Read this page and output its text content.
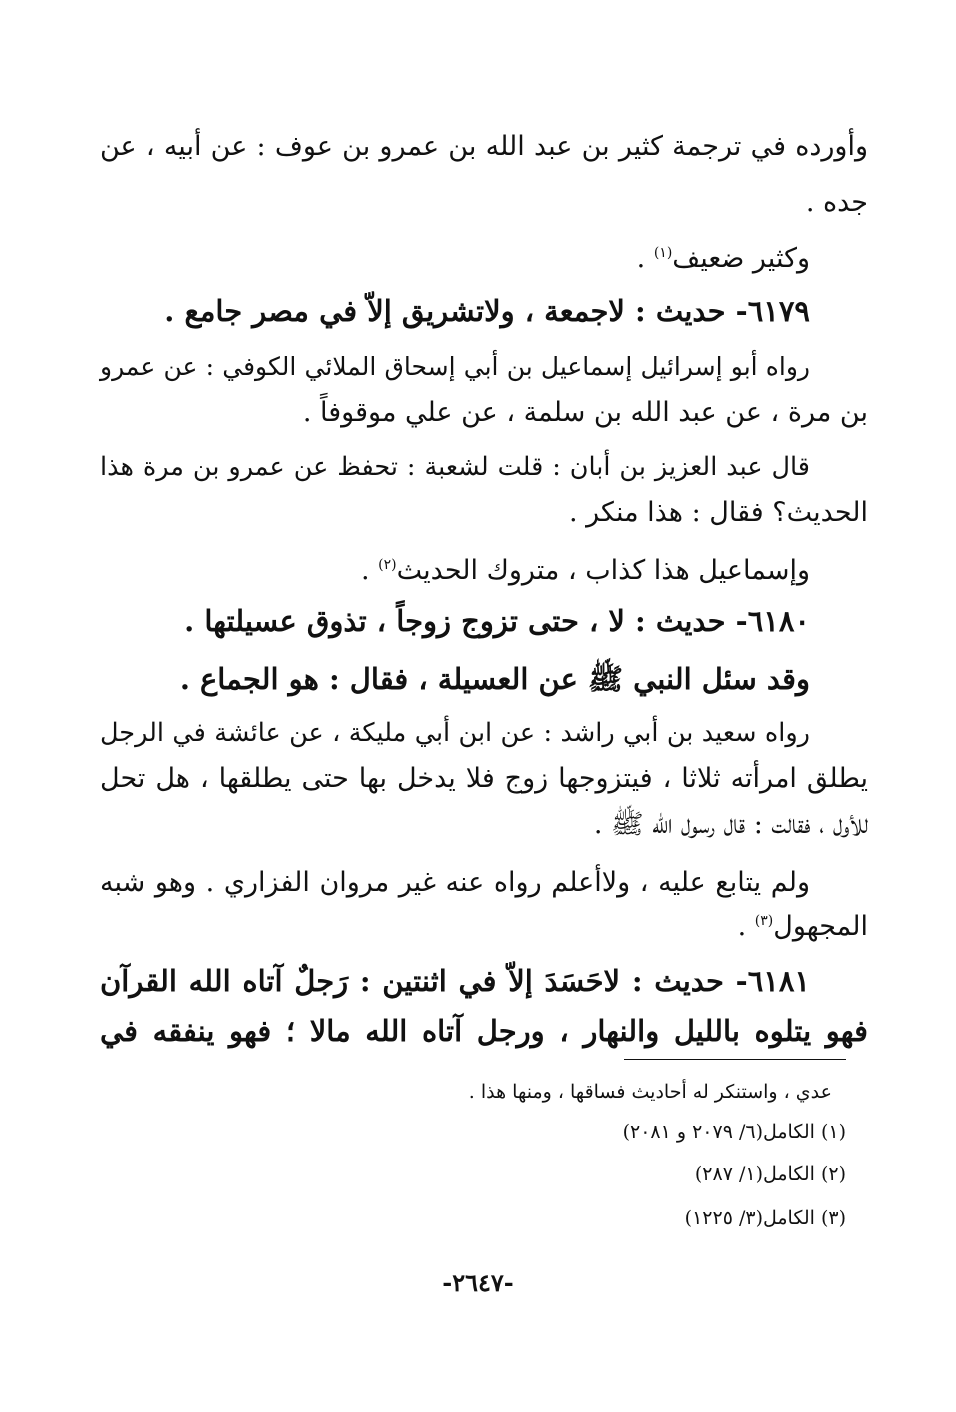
وأورده في ترجمة كثير بن عبد الله بن عمرو بن عوف : عن أبيه ، عن
جده .
وكثير ضعيف$^{(١)}$ .
٦١٧٩- حديث : لاجمعة ، ولاتشريق إلاّ في مصر جامع .
رواه أبو إسرائيل إسماعيل بن أبي إسحاق الملائي الكوفي : عن عمرو
بن مرة ، عن عبد الله بن سلمة ، عن علي موقوفاً .
قال عبد العزيز بن أبان : قلت لشعبة : تحفظ عن عمرو بن مرة هذا
الحديث؟ فقال : هذا منكر .
وإسماعيل هذا كذاب ، متروك الحديث$^{(٢)}$ .
٦١٨٠- حديث : لا ، حتى تزوج زوجاً ، تذوق عسيلتها .
وقد سئل النبي ﷺ عن العسيلة ، فقال : هو الجماع .
رواه سعيد بن أبي راشد : عن ابن أبي مليكة ، عن عائشة في الرجل
يطلق امرأته ثلاثا ، فيتزوجها زوج فلا يدخل بها حتى يطلقها ، هل تحل
للأول ، فقالت : قال رسول الله ﷺ .
ولم يتابع عليه ، ولاأعلم رواه عنه غير مروان الفزاري . وهو شبه
المجهول$^{(٣)}$ .
٦١٨١- حديث : لاحَسَدَ إلاّ في اثنتين : رَجلٌ آتاه الله القرآن
فهو يتلوه بالليل والنهار ، ورجل آتاه الله مالا ؛ فهو ينفقه في
عدي ، واستنكر له أحاديث فساقها ، ومنها هذا .
(١) الكامل(٦/ ٢٠٧٩ و ٢٠٨١)
(٢) الكامل(١/ ٢٨٧)
(٣) الكامل(٣/ ١٢٢٥)
-٢٦٤٧-
